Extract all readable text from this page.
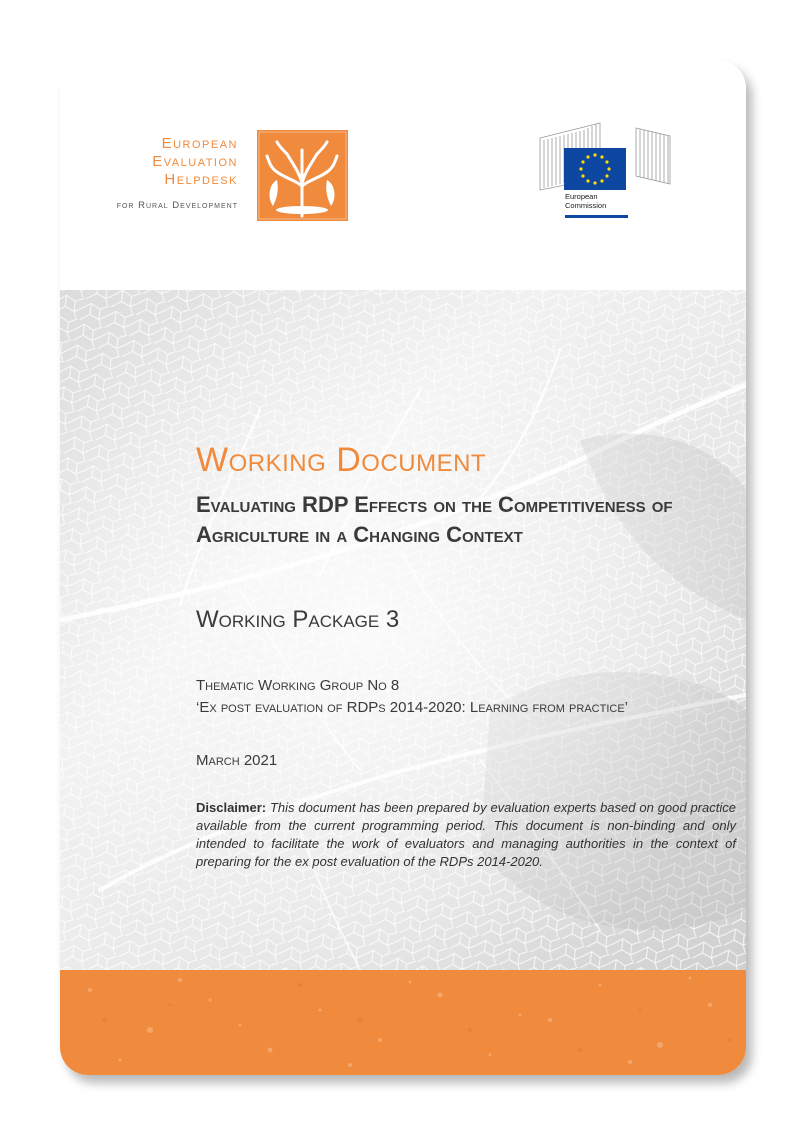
European
Evaluation
Helpdesk
for Rural Development
European
Commission
Working Document
Evaluating RDP Effects on the Competitiveness of Agriculture in a Changing Context
Working Package 3
Thematic Working Group No 8
‘Ex post evaluation of RDPs 2014-2020: Learning from practice’
March 2021

Disclaimer: This document has been prepared by evaluation experts based on good practice available from the current programming period. This document is non-binding and only intended to facilitate the work of evaluators and managing authorities in the context of preparing for the ex post evaluation of the RDPs 2014-2020.
